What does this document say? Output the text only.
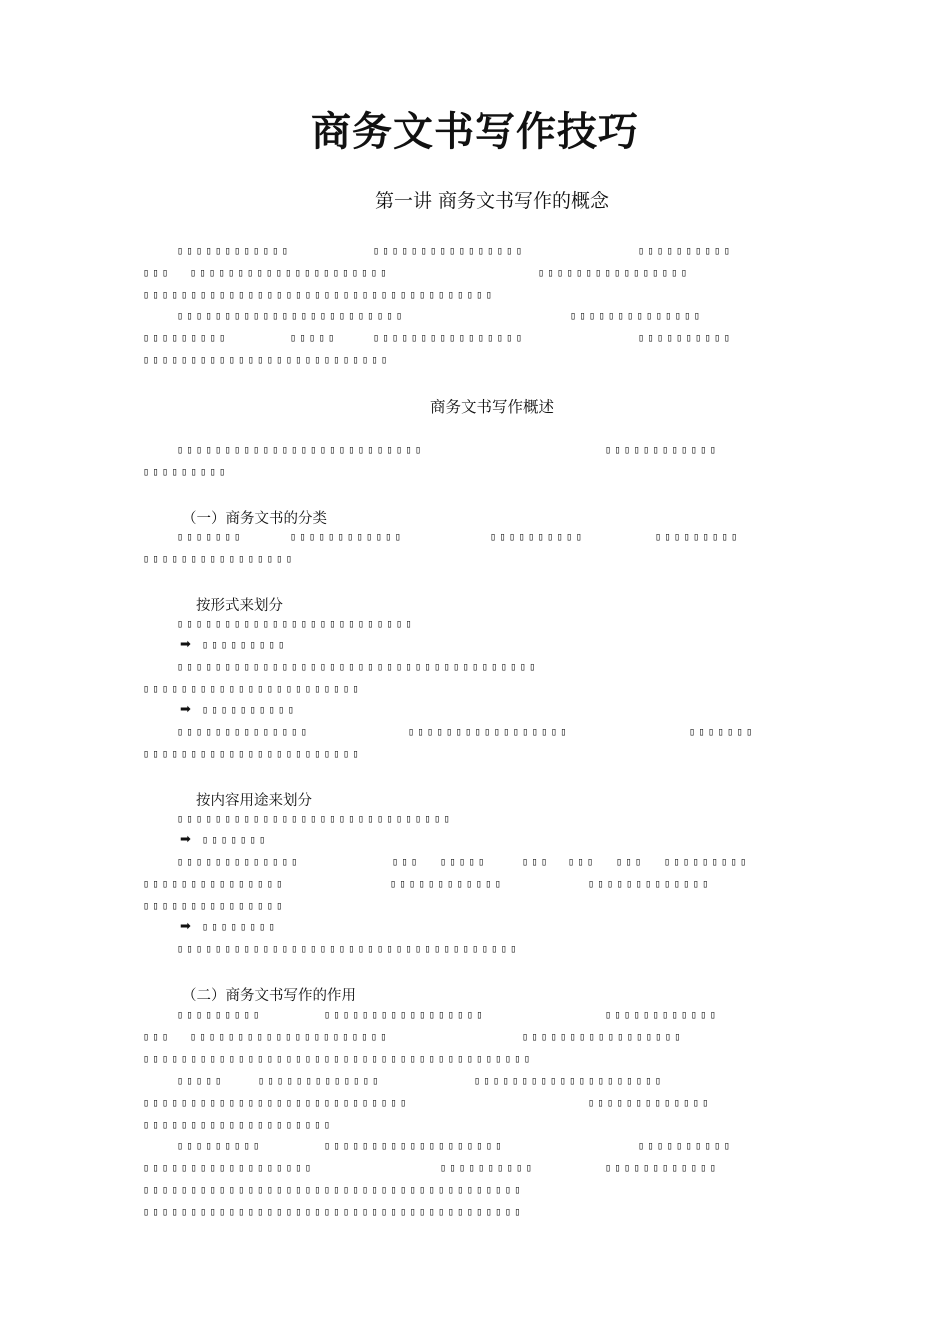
商务文书写作技巧
第一讲 商务文书写作的概念
▯▯▯▯▯▯▯▯▯▯▯▯	▯▯▯▯▯▯▯▯▯▯▯▯▯▯▯▯	▯▯▯▯▯▯▯▯▯▯
▯▯▯ ▯▯▯▯▯▯▯▯▯▯▯▯▯▯▯▯▯▯▯▯▯	▯▯▯▯▯▯▯▯▯▯▯▯▯▯▯▯
▯▯▯▯▯▯▯▯▯▯▯▯▯▯▯▯▯▯▯▯▯▯▯▯▯▯▯▯▯▯▯▯▯▯▯▯▯
▯▯▯▯▯▯▯▯▯▯▯▯▯▯▯▯▯▯▯▯▯▯▯▯	▯▯▯▯▯▯▯▯▯▯▯▯▯▯
▯▯▯▯▯▯▯▯▯	▯▯▯▯▯	▯▯▯▯▯▯▯▯▯▯▯▯▯▯▯▯	▯▯▯▯▯▯▯▯▯▯
▯▯▯▯▯▯▯▯▯▯▯▯▯▯▯▯▯▯▯▯▯▯▯▯▯▯
商务文书写作概述
▯▯▯▯▯▯▯▯▯▯▯▯▯▯▯▯▯▯▯▯▯▯▯▯▯▯	▯▯▯▯▯▯▯▯▯▯▯▯
▯▯▯▯▯▯▯▯▯
（一）商务文书的分类
▯▯▯▯▯▯▯	▯▯▯▯▯▯▯▯▯▯▯▯	▯▯▯▯▯▯▯▯▯▯	▯▯▯▯▯▯▯▯▯
▯▯▯▯▯▯▯▯▯▯▯▯▯▯▯▯
按形式来划分
▯▯▯▯▯▯▯▯▯▯▯▯▯▯▯▯▯▯▯▯▯▯▯▯▯
➡ ▯▯▯▯▯▯▯▯▯
▯▯▯▯▯▯▯▯▯▯▯▯▯▯▯▯▯▯▯▯▯▯▯▯▯▯▯▯▯▯▯▯▯▯▯▯▯▯
▯▯▯▯▯▯▯▯▯▯▯▯▯▯▯▯▯▯▯▯▯▯▯
➡ ▯▯▯▯▯▯▯▯▯▯
▯▯▯▯▯▯▯▯▯▯▯▯▯▯	▯▯▯▯▯▯▯▯▯▯▯▯▯▯▯▯▯	▯▯▯▯▯▯▯
▯▯▯▯▯▯▯▯▯▯▯▯▯▯▯▯▯▯▯▯▯▯▯
按内容用途来划分
▯▯▯▯▯▯▯▯▯▯▯▯▯▯▯▯▯▯▯▯▯▯▯▯▯▯▯▯▯
➡ ▯▯▯▯▯▯▯
▯▯▯▯▯▯▯▯▯▯▯▯▯	▯▯▯ ▯▯▯▯▯	▯▯▯ ▯▯▯ ▯▯▯ ▯▯▯▯▯▯▯▯▯
▯▯▯▯▯▯▯▯▯▯▯▯▯▯▯	▯▯▯▯▯▯▯▯▯▯▯▯	▯▯▯▯▯▯▯▯▯▯▯▯▯
▯▯▯▯▯▯▯▯▯▯▯▯▯▯▯
➡ ▯▯▯▯▯▯▯▯
▯▯▯▯▯▯▯▯▯▯▯▯▯▯▯▯▯▯▯▯▯▯▯▯▯▯▯▯▯▯▯▯▯▯▯▯
（二）商务文书写作的作用
▯▯▯▯▯▯▯▯▯	▯▯▯▯▯▯▯▯▯▯▯▯▯▯▯▯▯	▯▯▯▯▯▯▯▯▯▯▯▯
▯▯▯ ▯▯▯▯▯▯▯▯▯▯▯▯▯▯▯▯▯▯▯▯▯	▯▯▯▯▯▯▯▯▯▯▯▯▯▯▯▯▯
▯▯▯▯▯▯▯▯▯▯▯▯▯▯▯▯▯▯▯▯▯▯▯▯▯▯▯▯▯▯▯▯▯▯▯▯▯▯▯▯▯
▯▯▯▯▯	▯▯▯▯▯▯▯▯▯▯▯▯▯	▯▯▯▯▯▯▯▯▯▯▯▯▯▯▯▯▯▯▯▯
▯▯▯▯▯▯▯▯▯▯▯▯▯▯▯▯▯▯▯▯▯▯▯▯▯▯▯▯	▯▯▯▯▯▯▯▯▯▯▯▯▯
▯▯▯▯▯▯▯▯▯▯▯▯▯▯▯▯▯▯▯▯
▯▯▯▯▯▯▯▯▯	▯▯▯▯▯▯▯▯▯▯▯▯▯▯▯▯▯▯▯	▯▯▯▯▯▯▯▯▯▯
▯▯▯▯▯▯▯▯▯▯▯▯▯▯▯▯▯▯	▯▯▯▯▯▯▯▯▯▯	▯▯▯▯▯▯▯▯▯▯▯▯
▯▯▯▯▯▯▯▯▯▯▯▯▯▯▯▯▯▯▯▯▯▯▯▯▯▯▯▯▯▯▯▯▯▯▯▯▯▯▯▯
▯▯▯▯▯▯▯▯▯▯▯▯▯▯▯▯▯▯▯▯▯▯▯▯▯▯▯▯▯▯▯▯▯▯▯▯▯▯▯▯
